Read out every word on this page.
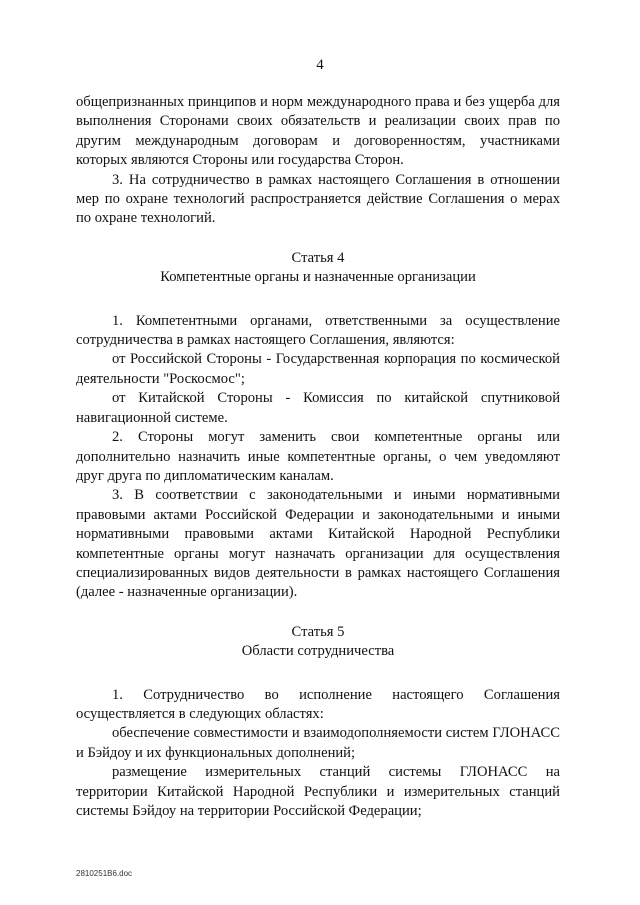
4

общепризнанных принципов и норм международного права и без ущерба для выполнения Сторонами своих обязательств и реализации своих прав по другим международным договорам и договоренностям, участниками которых являются Стороны или государства Сторон.

3. На сотрудничество в рамках настоящего Соглашения в отношении мер по охране технологий распространяется действие Соглашения о мерах по охране технологий.

Статья 4

Компетентные органы и назначенные организации

1. Компетентными органами, ответственными за осуществление сотрудничества в рамках настоящего Соглашения, являются:

от Российской Стороны - Государственная корпорация по космической деятельности "Роскосмос";

от Китайской Стороны - Комиссия по китайской спутниковой навигационной системе.

2. Стороны могут заменить свои компетентные органы или дополнительно назначить иные компетентные органы, о чем уведомляют друг друга по дипломатическим каналам.

3. В соответствии с законодательными и иными нормативными правовыми актами Российской Федерации и законодательными и иными нормативными правовыми актами Китайской Народной Республики компетентные органы могут назначать организации для осуществления специализированных видов деятельности в рамках настоящего Соглашения (далее - назначенные организации).

Статья 5

Области сотрудничества

1. Сотрудничество во исполнение настоящего Соглашения осуществляется в следующих областях:

обеспечение совместимости и взаимодополняемости систем ГЛОНАСС и Бэйдоу и их функциональных дополнений;

размещение измерительных станций системы ГЛОНАСС на территории Китайской Народной Республики и измерительных станций системы Бэйдоу на территории Российской Федерации;

2810251В6.doc
